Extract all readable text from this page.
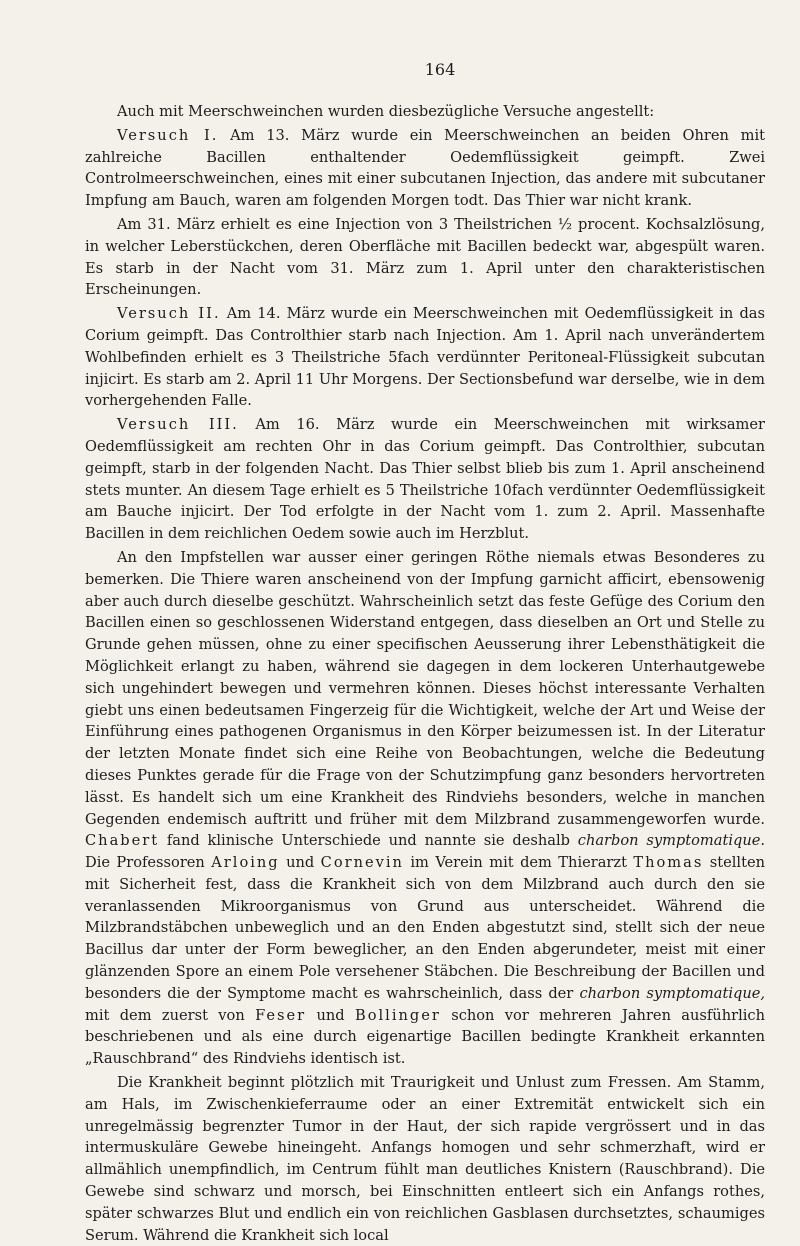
164

Auch mit Meerschweinchen wurden diesbezügliche Versuche angestellt:

Versuch I. Am 13. März wurde ein Meerschweinchen an beiden Ohren mit zahlreiche Bacillen enthaltender Oedemflüssigkeit geimpft. Zwei Controlmeerschweinchen, eines mit einer subcutanen Injection, das andere mit subcutaner Impfung am Bauch, waren am folgenden Morgen todt. Das Thier war nicht krank.

Am 31. März erhielt es eine Injection von 3 Theilstrichen ½ procent. Kochsalzlösung, in welcher Leberstückchen, deren Oberfläche mit Bacillen bedeckt war, abgespült waren. Es starb in der Nacht vom 31. März zum 1. April unter den charakteristischen Erscheinungen.

Versuch II. Am 14. März wurde ein Meerschweinchen mit Oedemflüssigkeit in das Corium geimpft. Das Controlthier starb nach Injection. Am 1. April nach unverändertem Wohlbefinden erhielt es 3 Theilstriche 5fach verdünnter Peritoneal-Flüssigkeit subcutan injicirt. Es starb am 2. April 11 Uhr Morgens. Der Sectionsbefund war derselbe, wie in dem vorhergehenden Falle.

Versuch III. Am 16. März wurde ein Meerschweinchen mit wirksamer Oedemflüssigkeit am rechten Ohr in das Corium geimpft. Das Controlthier, subcutan geimpft, starb in der folgenden Nacht. Das Thier selbst blieb bis zum 1. April anscheinend stets munter. An diesem Tage erhielt es 5 Theilstriche 10fach verdünnter Oedemflüssigkeit am Bauche injicirt. Der Tod erfolgte in der Nacht vom 1. zum 2. April. Massenhafte Bacillen in dem reichlichen Oedem sowie auch im Herzblut.

An den Impfstellen war ausser einer geringen Röthe niemals etwas Besonderes zu bemerken. Die Thiere waren anscheinend von der Impfung garnicht afficirt, ebensowenig aber auch durch dieselbe geschützt. Wahrscheinlich setzt das feste Gefüge des Corium den Bacillen einen so geschlossenen Widerstand entgegen, dass dieselben an Ort und Stelle zu Grunde gehen müssen, ohne zu einer specifischen Aeusserung ihrer Lebensthätigkeit die Möglichkeit erlangt zu haben, während sie dagegen in dem lockeren Unterhautgewebe sich ungehindert bewegen und vermehren können. Dieses höchst interessante Verhalten giebt uns einen bedeutsamen Fingerzeig für die Wichtigkeit, welche der Art und Weise der Einführung eines pathogenen Organismus in den Körper beizumessen ist. In der Literatur der letzten Monate findet sich eine Reihe von Beobachtungen, welche die Bedeutung dieses Punktes gerade für die Frage von der Schutzimpfung ganz besonders hervortreten lässt. Es handelt sich um eine Krankheit des Rindviehs besonders, welche in manchen Gegenden endemisch auftritt und früher mit dem Milzbrand zusammengeworfen wurde. Chabert fand klinische Unterschiede und nannte sie deshalb charbon symptomatique. Die Professoren Arloing und Cornevin im Verein mit dem Thierarzt Thomas stellten mit Sicherheit fest, dass die Krankheit sich von dem Milzbrand auch durch den sie veranlassenden Mikroorganismus von Grund aus unterscheidet. Während die Milzbrandstäbchen unbeweglich und an den Enden abgestutzt sind, stellt sich der neue Bacillus dar unter der Form beweglicher, an den Enden abgerundeter, meist mit einer glänzenden Spore an einem Pole versehener Stäbchen. Die Beschreibung der Bacillen und besonders die der Symptome macht es wahrscheinlich, dass der charbon symptomatique, mit dem zuerst von Feser und Bollinger schon vor mehreren Jahren ausführlich beschriebenen und als eine durch eigenartige Bacillen bedingte Krankheit erkannten „Rauschbrand“ des Rindviehs identisch ist.

Die Krankheit beginnt plötzlich mit Traurigkeit und Unlust zum Fressen. Am Stamm, am Hals, im Zwischenkieferraume oder an einer Extremität entwickelt sich ein unregelmässig begrenzter Tumor in der Haut, der sich rapide vergrössert und in das intermuskuläre Gewebe hineingeht. Anfangs homogen und sehr schmerzhaft, wird er allmählich unempfindlich, im Centrum fühlt man deutliches Knistern (Rauschbrand). Die Gewebe sind schwarz und morsch, bei Einschnitten entleert sich ein Anfangs rothes, später schwarzes Blut und endlich ein von reichlichen Gasblasen durchsetztes, schaumiges Serum. Während die Krankheit sich local
